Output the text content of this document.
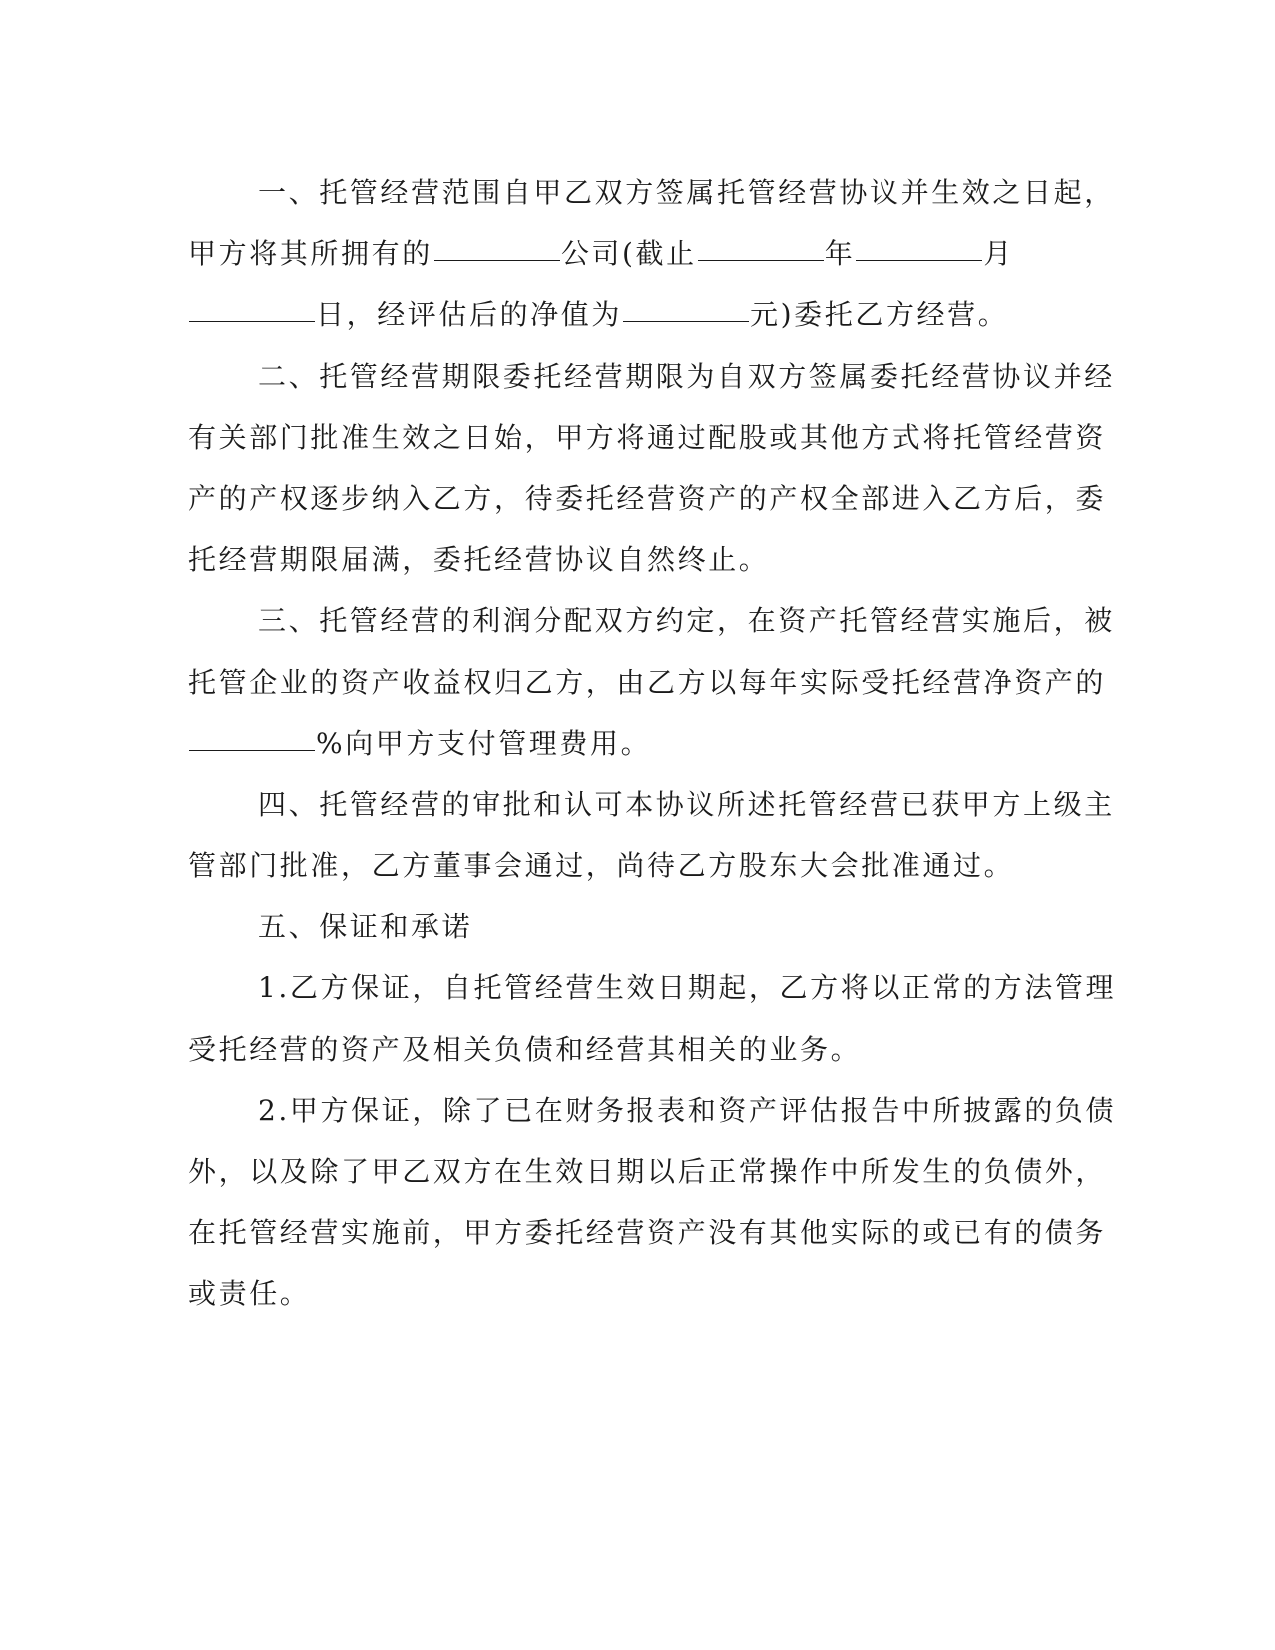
一、托管经营范围自甲乙双方签属托管经营协议并生效之日起，
甲方将其所拥有的	公司(截止	年	月
日，经评估后的净值为	元)委托乙方经营。
二、托管经营期限委托经营期限为自双方签属委托经营协议并经
有关部门批准生效之日始，甲方将通过配股或其他方式将托管经营资
产的产权逐步纳入乙方，待委托经营资产的产权全部进入乙方后，委
托经营期限届满，委托经营协议自然终止。
三、托管经营的利润分配双方约定，在资产托管经营实施后，被
托管企业的资产收益权归乙方，由乙方以每年实际受托经营净资产的
%向甲方支付管理费用。
四、托管经营的审批和认可本协议所述托管经营已获甲方上级主
管部门批准，乙方董事会通过，尚待乙方股东大会批准通过。
五、保证和承诺
1.乙方保证，自托管经营生效日期起，乙方将以正常的方法管理
受托经营的资产及相关负债和经营其相关的业务。
2.甲方保证，除了已在财务报表和资产评估报告中所披露的负债
外，以及除了甲乙双方在生效日期以后正常操作中所发生的负债外，
在托管经营实施前，甲方委托经营资产没有其他实际的或已有的债务
或责任。
